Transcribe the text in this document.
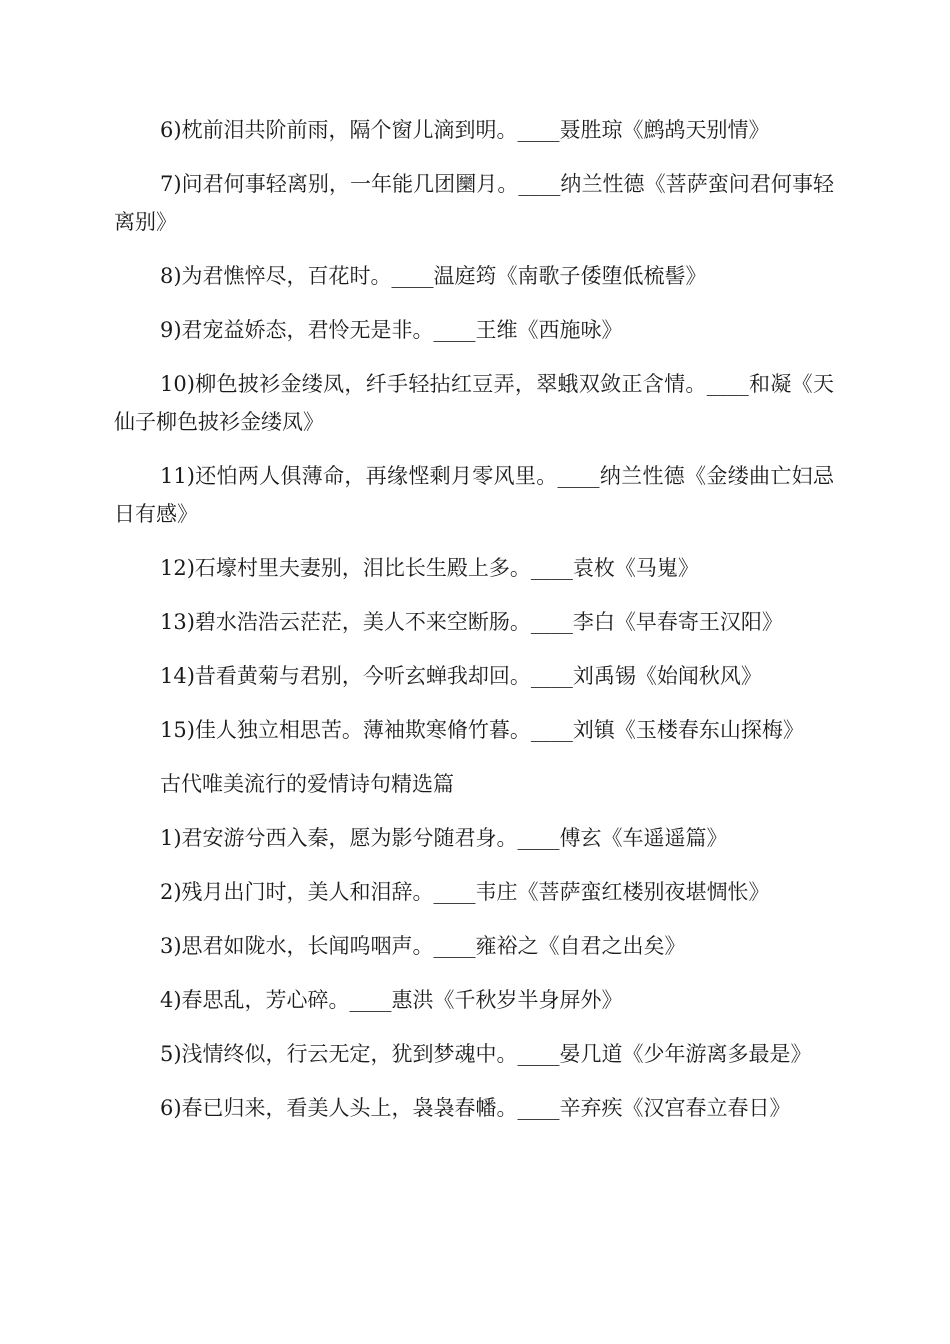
6)枕前泪共阶前雨，隔个窗儿滴到明。____聂胜琼《鹧鸪天别情》

7)问君何事轻离别，一年能几团圞月。____纳兰性德《菩萨蛮问君何事轻离别》

8)为君憔悴尽，百花时。____温庭筠《南歌子倭堕低梳髻》

9)君宠益娇态，君怜无是非。____王维《西施咏》

10)柳色披衫金缕凤，纤手轻拈红豆弄，翠蛾双敛正含情。____和凝《天仙子柳色披衫金缕凤》

11)还怕两人俱薄命，再缘悭剩月零风里。____纳兰性德《金缕曲亡妇忌日有感》

12)石壕村里夫妻别，泪比长生殿上多。____袁枚《马嵬》

13)碧水浩浩云茫茫，美人不来空断肠。____李白《早春寄王汉阳》

14)昔看黄菊与君别，今听玄蝉我却回。____刘禹锡《始闻秋风》

15)佳人独立相思苦。薄袖欺寒脩竹暮。____刘镇《玉楼春东山探梅》

古代唯美流行的爱情诗句精选篇

1)君安游兮西入秦，愿为影兮随君身。____傅玄《车遥遥篇》

2)残月出门时，美人和泪辞。____韦庄《菩萨蛮红楼别夜堪惆怅》

3)思君如陇水，长闻呜咽声。____雍裕之《自君之出矣》

4)春思乱，芳心碎。____惠洪《千秋岁半身屏外》

5)浅情终似，行云无定，犹到梦魂中。____晏几道《少年游离多最是》

6)春已归来，看美人头上，袅袅春幡。____辛弃疾《汉宫春立春日》
